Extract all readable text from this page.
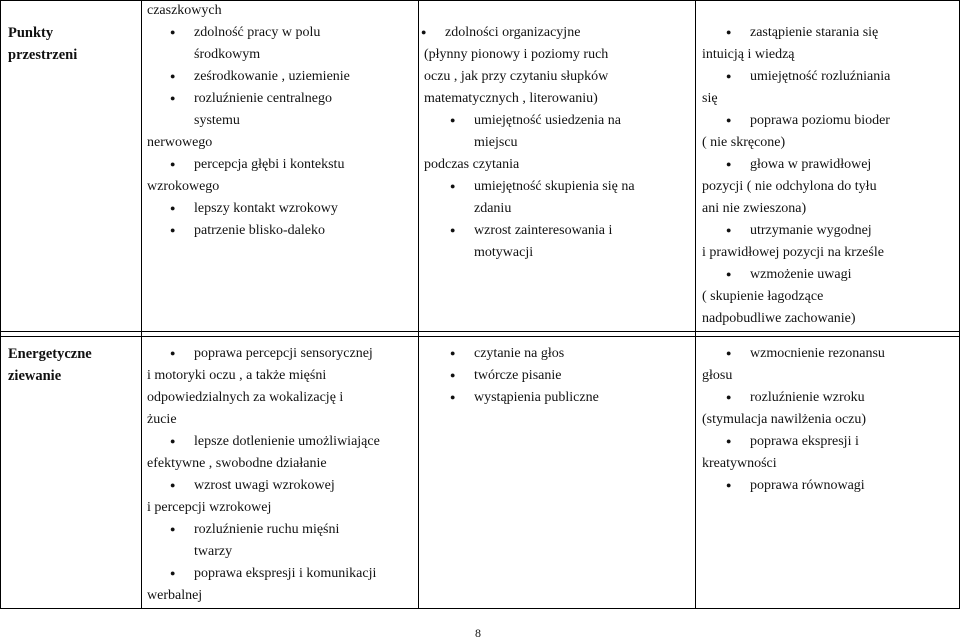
Punkty
przestrzeni
czaszkowych
● zdolność pracy w polu
środkowym
● ześrodkowanie , uziemienie
● rozluźnienie centralnego
systemu
nerwowego
● percepcja głębi i kontekstu
wzrokowego
● lepszy kontakt wzrokowy
● patrzenie blisko-daleko
● zdolności organizacyjne
(płynny pionowy i poziomy ruch
oczu , jak przy czytaniu słupków
matematycznych , literowaniu)
● umiejętność usiedzenia na
miejscu
podczas czytania
● umiejętność skupienia się na
zdaniu
● wzrost zainteresowania i
motywacji
● zastąpienie starania się
intuicją i wiedzą
● umiejętność rozluźniania
się
● poprawa poziomu bioder
( nie skręcone)
● głowa w prawidłowej
pozycji ( nie odchylona do tyłu
ani nie zwieszona)
● utrzymanie wygodnej
i prawidłowej pozycji na krześle
● wzmożenie uwagi
( skupienie łagodzące
nadpobudliwe zachowanie)
Energetyczne
ziewanie
● poprawa percepcji sensorycznej
i motoryki oczu , a także mięśni
odpowiedzialnych za wokalizację i
żucie
● lepsze dotlenienie umożliwiające
efektywne , swobodne działanie
● wzrost uwagi wzrokowej
i percepcji wzrokowej
● rozluźnienie ruchu mięśni
twarzy
● poprawa ekspresji i komunikacji
werbalnej
● czytanie na głos
● twórcze pisanie
● wystąpienia publiczne
● wzmocnienie rezonansu
głosu
● rozluźnienie wzroku
(stymulacja nawilżenia oczu)
● poprawa ekspresji i
kreatywności
● poprawa równowagi
8
